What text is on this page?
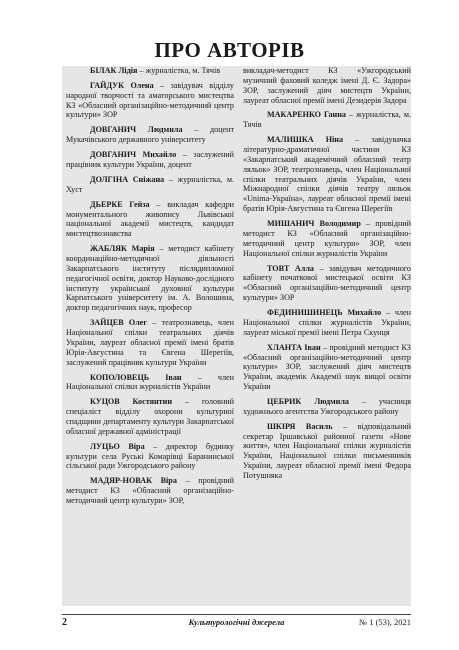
ПРО АВТОРІВ

БІЛАК Лідія – журналістка, м. Тячів

ГАЙДУК Олена – завідувач відділу народної творчості та аматорського мистецтва КЗ «Обласний організаційно-методичний центр культури» ЗОР

ДОВГАНИЧ Людмила – доцент Мукачівського державного університету

ДОВГАНИЧ Михайло – заслужений працівник культури України, доцент

ДОЛГІНА Сніжана – журналістка, м. Хуст

ДЬЕРКЕ Гейза – викладач кафедри монументального живопису Львівської національної академії мистецтв, кандидат мистецтвознавства

ЖАБЛЯК Марія – методист кабінету координаційно-методичної діяльності Закарпатського інституту післядипломної педагогічної освіти, доктор Науково-дослідного інституту української духовної культури Карпатського університету ім. А. Волошина, доктор педагогічних наук, професор

ЗАЙЦЕВ Олег – театрознавець, член Національної спілки театральних діячів України, лауреат обласної премії імені братів Юрія-Августина та Євгена Шерегіїв, заслужений працівник культури України

КОПОЛОВЕЦЬ Іван – член Національної спілки журналістів України

КУЦОВ Костянтин – головний спеціаліст відділу охорони культурної спадщини департаменту культури Закарпатської обласної державної адміністрації

ЛУЦЬО Віра – директор будинку культури села Руські Комарівці Баранинської сільської ради Ужгородського району

МАДЯР-НОВАК Віра – провідний методист КЗ «Обласний організаційно-методичний центр культури» ЗОР,

викладач-методист КЗ «Ужгородський музичний фаховий коледж імені Д. Є. Задора» ЗОР, заслужений діяч мистецтв України, лауреат обласної премії імені Дезидерія Задора

МАКАРЕНКО Ганна – журналістка, м. Тячів

МАЛИШКА Ніна – завідувачка літературно-драматичної частини КЗ «Закарпатський академічний обласний театр ляльок» ЗОР, театрознавець, член Національної спілки театральних діячів України, член Міжнародної спілки діячів театру ляльок «Unima-Україна», лауреат обласної премії імені братів Юрія-Августина та Євгена Шерегіїв

МИШАНИЧ Володимир – провідний методист КЗ «Обласний організаційно-методичний центр культури» ЗОР, член Національної спілки журналістів України

ТОВТ Алла – завідувач методичного кабінету початкової мистецької освіти КЗ «Обласний організаційно-методичний центр культури» ЗОР

ФЕДИНИШИНЕЦЬ Михайло – член Національної спілки журналістів України, лауреат міської премії імені Петра Скунця

ХЛАНТА Іван – провідний методист КЗ «Обласний організаційно-методичний центр культури» ЗОР, заслужений діяч мистецтв України, академік Академії наук вищої освіти України

ЦЕБРИК Людмила – учасниця художнього агентства Ужгородського району

ШКІРЯ Василь – відповідальний секретар Іршавської районної газети «Нове життя», член Національної спілки журналістів України, Національної спілки письменників України, лауреат обласної премії імені Федора Потушняка

Культурологічні джерела
2	№ 1 (53), 2021
